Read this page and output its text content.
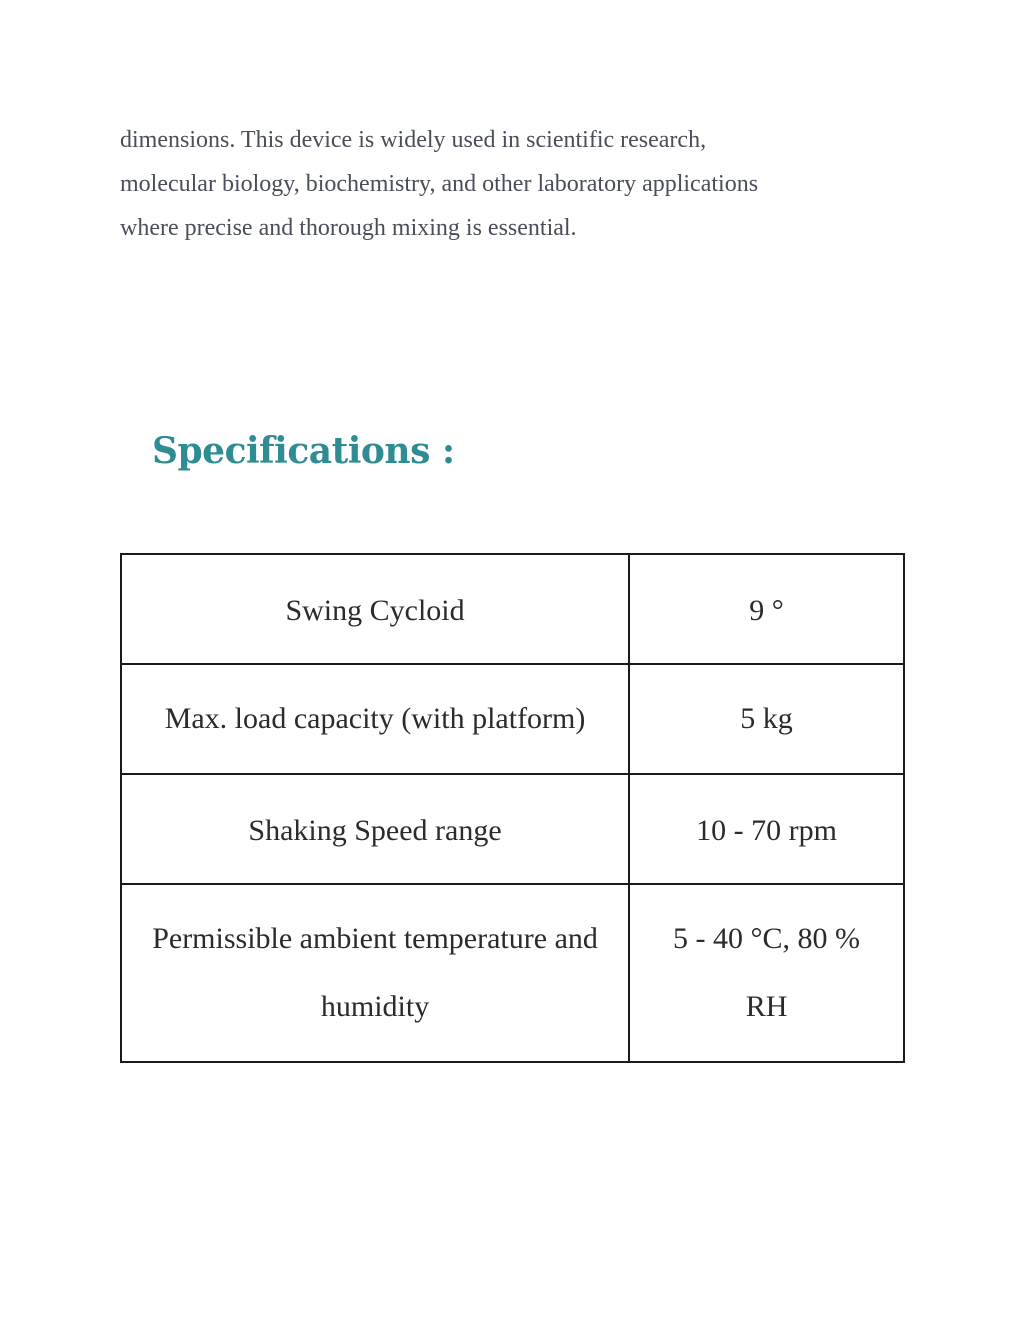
dimensions. This device is widely used in scientific research,
molecular biology, biochemistry, and other laboratory applications
where precise and thorough mixing is essential.

Specifications :
Swing Cycloid	9 °
Max. load capacity (with platform)	5 kg
Shaking Speed range	10 - 70 rpm
Permissible ambient temperature and humidity	5 - 40 °C, 80 % RH
